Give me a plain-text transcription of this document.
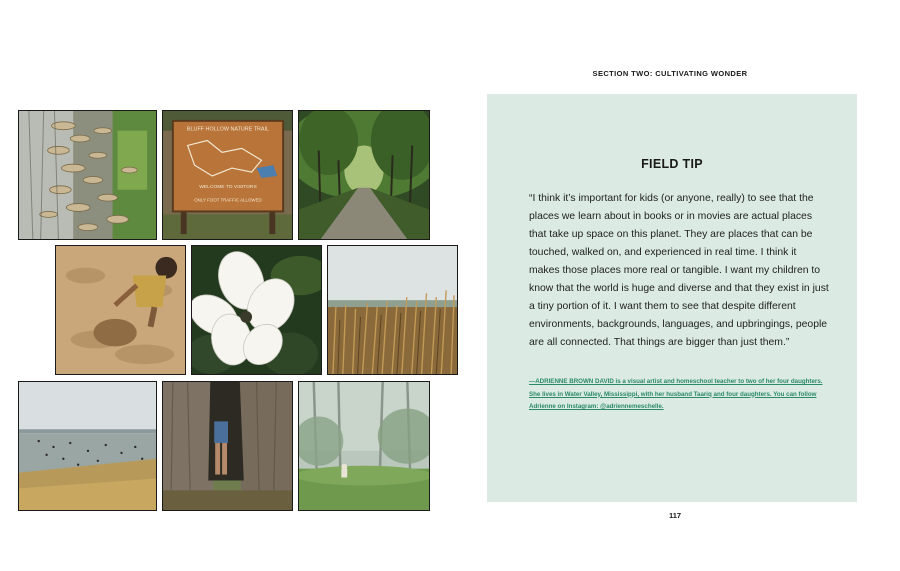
BLUFF HOLLOW NATURE TRAIL
WELCOME TO VISITORS
ONLY FOOT TRAFFIC ALLOWED
SECTION TWO: CULTIVATING WONDER
FIELD TIP
“I think it’s important for kids (or anyone, really) to see that the places we learn about in books or in movies are actual places that take up space on this planet. They are places that can be touched, walked on, and experienced in real time. I think it makes those places more real or tangible. I want my children to know that the world is huge and diverse and that they exist in just a tiny portion of it. I want them to see that despite different environments, backgrounds, languages, and upbringings, people are all connected. That things are bigger than just them.”
—ADRIENNE BROWN DAVID is a visual artist and homeschool teacher to two of her four daughters. She lives in Water Valley, Mississippi, with her husband Taariq and four daughters. You can follow Adrienne on Instagram: @adriennemeschelle.
117
